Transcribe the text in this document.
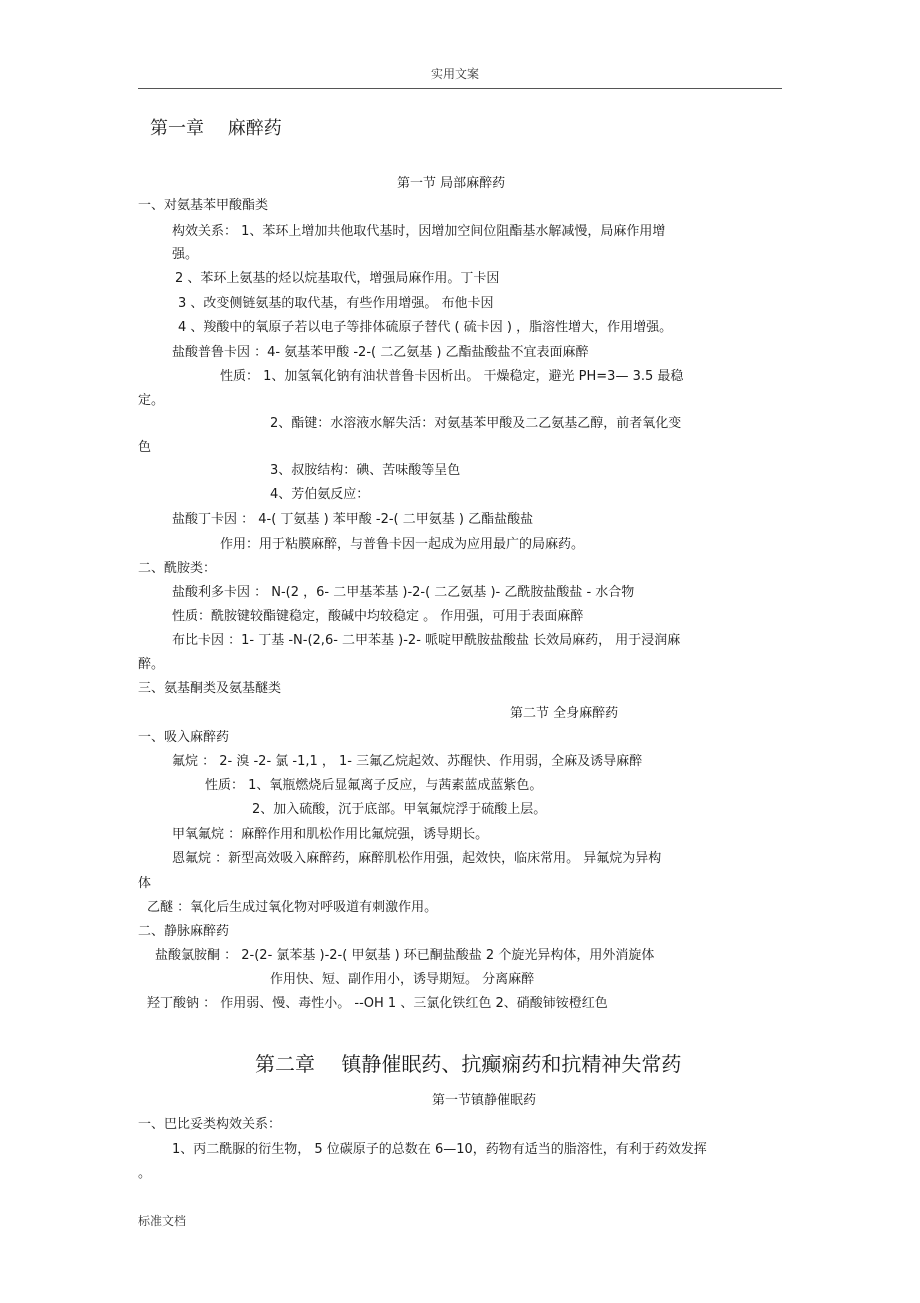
实用文案
第一章　 麻醉药
第一节 局部麻醉药
一、对氨基苯甲酸酯类
构效关系： 1、苯环上增加共他取代基时，因增加空间位阻酯基水解减慢，局麻作用增
强。
2 、苯环上氨基的烃以烷基取代，增强局麻作用。丁卡因
3 、改变侧链氨基的取代基，有些作用增强。 布他卡因
4 、羧酸中的氧原子若以电子等排体硫原子替代 ( 硫卡因 ) ，脂溶性增大，作用增强。
盐酸普鲁卡因 ：4- 氨基苯甲酸 -2-( 二乙氨基 ) 乙酯盐酸盐不宜表面麻醉
性质： 1、加氢氧化钠有油状普鲁卡因析出。 干燥稳定，避光 PH=3— 3.5 最稳
定。
2、酯键：水溶液水解失活：对氨基苯甲酸及二乙氨基乙醇，前者氧化变
色
3、叔胺结构：碘、苦味酸等呈色
4、芳伯氨反应：
盐酸丁卡因 ： 4-( 丁氨基 ) 苯甲酸 -2-( 二甲氨基 ) 乙酯盐酸盐
作用：用于粘膜麻醉，与普鲁卡因一起成为应用最广的局麻药。
二、酰胺类：
盐酸利多卡因 ： N-(2 ，6- 二甲基苯基 )-2-( 二乙氨基 )- 乙酰胺盐酸盐 - 水合物
性质：酰胺键较酯键稳定，酸碱中均较稳定 。 作用强，可用于表面麻醉
布比卡因 ：1- 丁基 -N-(2,6- 二甲苯基 )-2- 哌啶甲酰胺盐酸盐 长效局麻药， 用于浸润麻
醉。
三、氨基酮类及氨基醚类
第二节 全身麻醉药
一、吸入麻醉药
氟烷 ： 2- 溴 -2- 氯 -1,1 ， 1- 三氟乙烷起效、苏醒快、作用弱，全麻及诱导麻醉
性质： 1、氧瓶燃烧后显氟离子反应，与茜素蓝成蓝紫色。
2、加入硫酸，沉于底部。甲氧氟烷浮于硫酸上层。
甲氧氟烷 ：麻醉作用和肌松作用比氟烷强，诱导期长。
恩氟烷 ：新型高效吸入麻醉药，麻醉肌松作用强，起效快，临床常用。 异氟烷为异构
体
乙醚 ：氧化后生成过氧化物对呼吸道有刺激作用。
二、静脉麻醉药
盐酸氯胺酮 ： 2-(2- 氯苯基 )-2-( 甲氨基 ) 环已酮盐酸盐 2 个旋光异构体，用外消旋体
作用快、短、副作用小，诱导期短。 分离麻醉
羟丁酸钠 ： 作用弱、慢、毒性小。 --OH 1 、三氯化铁红色 2、硝酸铈铵橙红色
第二章　 镇静催眠药、抗癫痫药和抗精神失常药
第一节镇静催眠药
一、巴比妥类构效关系：
1、丙二酰脲的衍生物， 5 位碳原子的总数在 6—10，药物有适当的脂溶性，有利于药效发挥
。
标准文档
